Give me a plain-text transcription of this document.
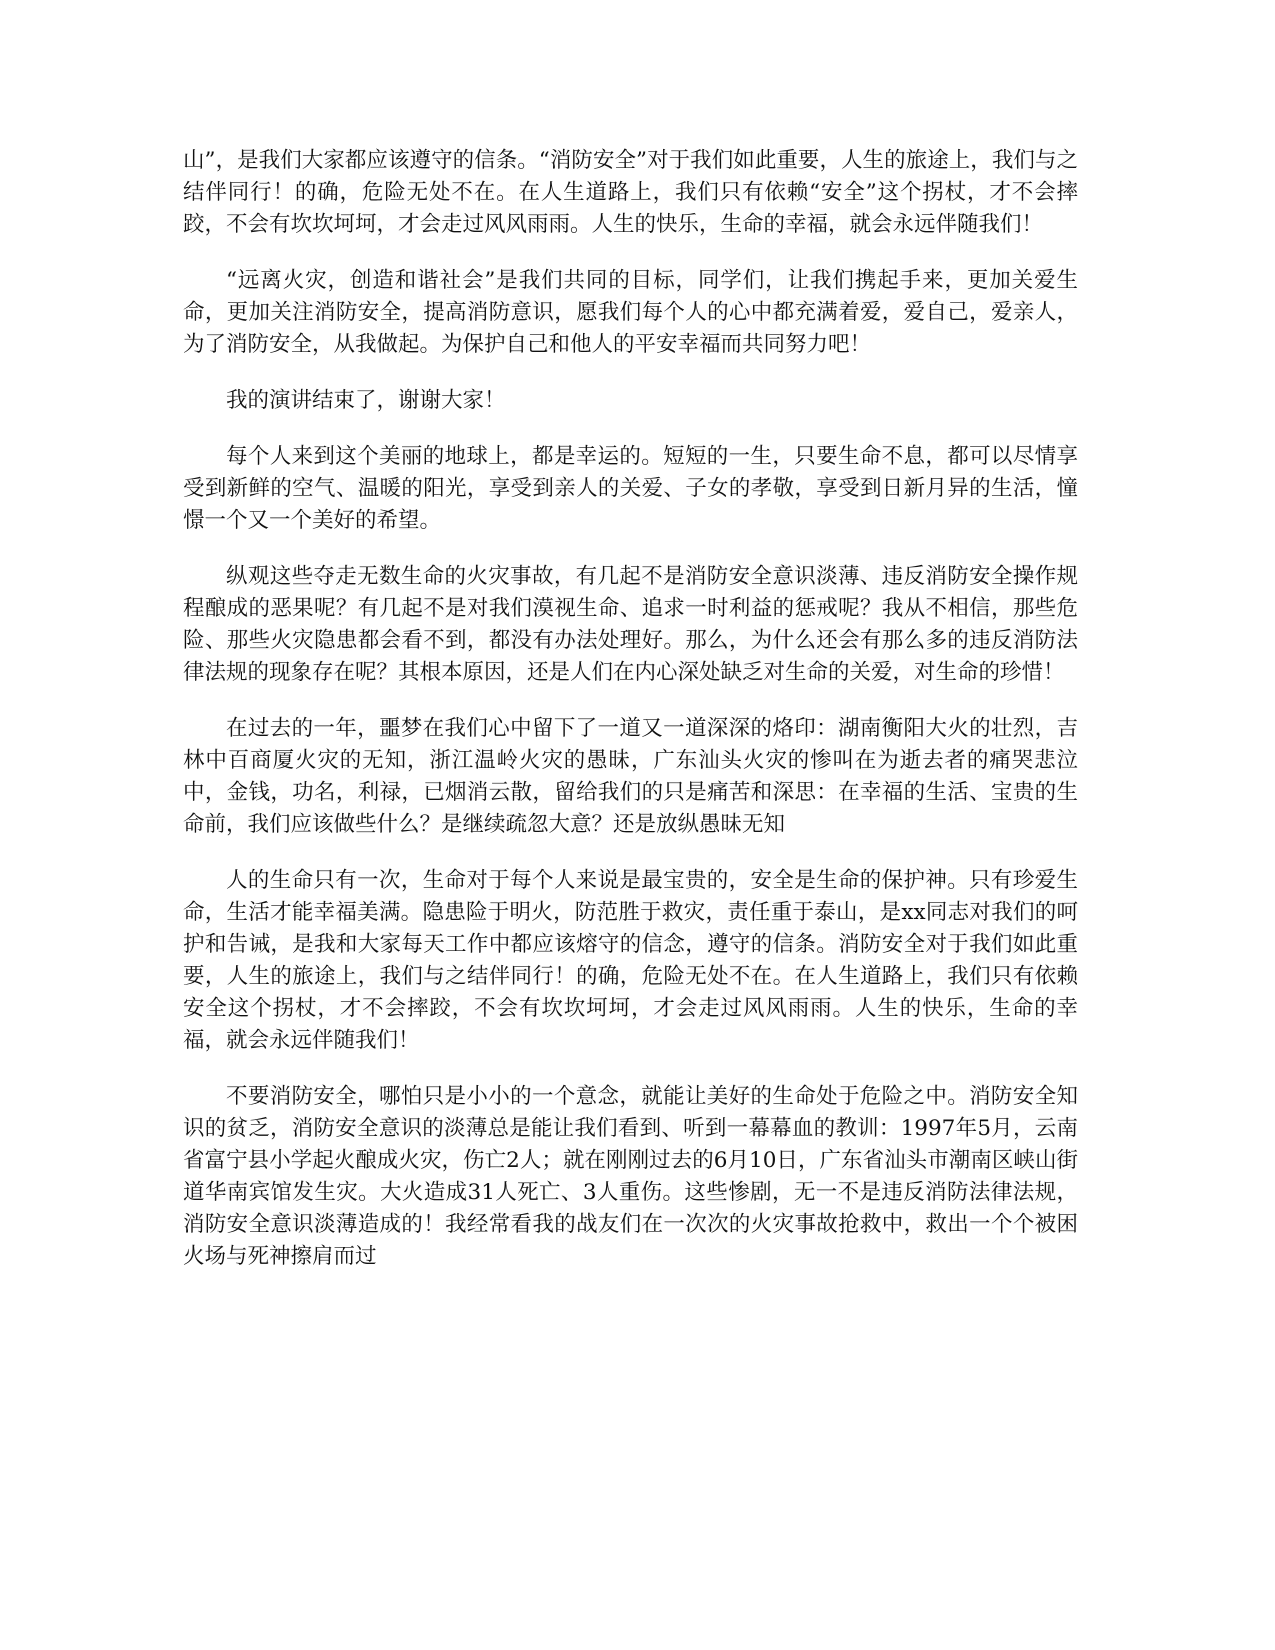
山”，是我们大家都应该遵守的信条。“消防安全”对于我们如此重要，人生的旅途上，我们与之结伴同行！的确，危险无处不在。在人生道路上，我们只有依赖“安全”这个拐杖，才不会摔跤，不会有坎坎坷坷，才会走过风风雨雨。人生的快乐，生命的幸福，就会永远伴随我们！

“远离火灾，创造和谐社会”是我们共同的目标，同学们，让我们携起手来，更加关爱生命，更加关注消防安全，提高消防意识，愿我们每个人的心中都充满着爱，爱自己，爱亲人，为了消防安全，从我做起。为保护自己和他人的平安幸福而共同努力吧！

我的演讲结束了，谢谢大家！

每个人来到这个美丽的地球上，都是幸运的。短短的一生，只要生命不息，都可以尽情享受到新鲜的空气、温暖的阳光，享受到亲人的关爱、子女的孝敬，享受到日新月异的生活，憧憬一个又一个美好的希望。

纵观这些夺走无数生命的火灾事故，有几起不是消防安全意识淡薄、违反消防安全操作规程酿成的恶果呢？有几起不是对我们漠视生命、追求一时利益的惩戒呢？我从不相信，那些危险、那些火灾隐患都会看不到，都没有办法处理好。那么，为什么还会有那么多的违反消防法律法规的现象存在呢？其根本原因，还是人们在内心深处缺乏对生命的关爱，对生命的珍惜！

在过去的一年，噩梦在我们心中留下了一道又一道深深的烙印：湖南衡阳大火的壮烈，吉林中百商厦火灾的无知，浙江温岭火灾的愚昧，广东汕头火灾的惨叫在为逝去者的痛哭悲泣中，金钱，功名，利禄，已烟消云散，留给我们的只是痛苦和深思：在幸福的生活、宝贵的生命前，我们应该做些什么？是继续疏忽大意？还是放纵愚昧无知

人的生命只有一次，生命对于每个人来说是最宝贵的，安全是生命的保护神。只有珍爱生命，生活才能幸福美满。隐患险于明火，防范胜于救灾，责任重于泰山，是xx同志对我们的呵护和告诫，是我和大家每天工作中都应该熔守的信念，遵守的信条。消防安全对于我们如此重要，人生的旅途上，我们与之结伴同行！的确，危险无处不在。在人生道路上，我们只有依赖安全这个拐杖，才不会摔跤，不会有坎坎坷坷，才会走过风风雨雨。人生的快乐，生命的幸福，就会永远伴随我们！

不要消防安全，哪怕只是小小的一个意念，就能让美好的生命处于危险之中。消防安全知识的贫乏，消防安全意识的淡薄总是能让我们看到、听到一幕幕血的教训：1997年5月，云南省富宁县小学起火酿成火灾，伤亡2人；就在刚刚过去的6月10日，广东省汕头市潮南区峡山街道华南宾馆发生灾。大火造成31人死亡、3人重伤。这些惨剧，无一不是违反消防法律法规，消防安全意识淡薄造成的！我经常看我的战友们在一次次的火灾事故抢救中，救出一个个被困火场与死神擦肩而过
